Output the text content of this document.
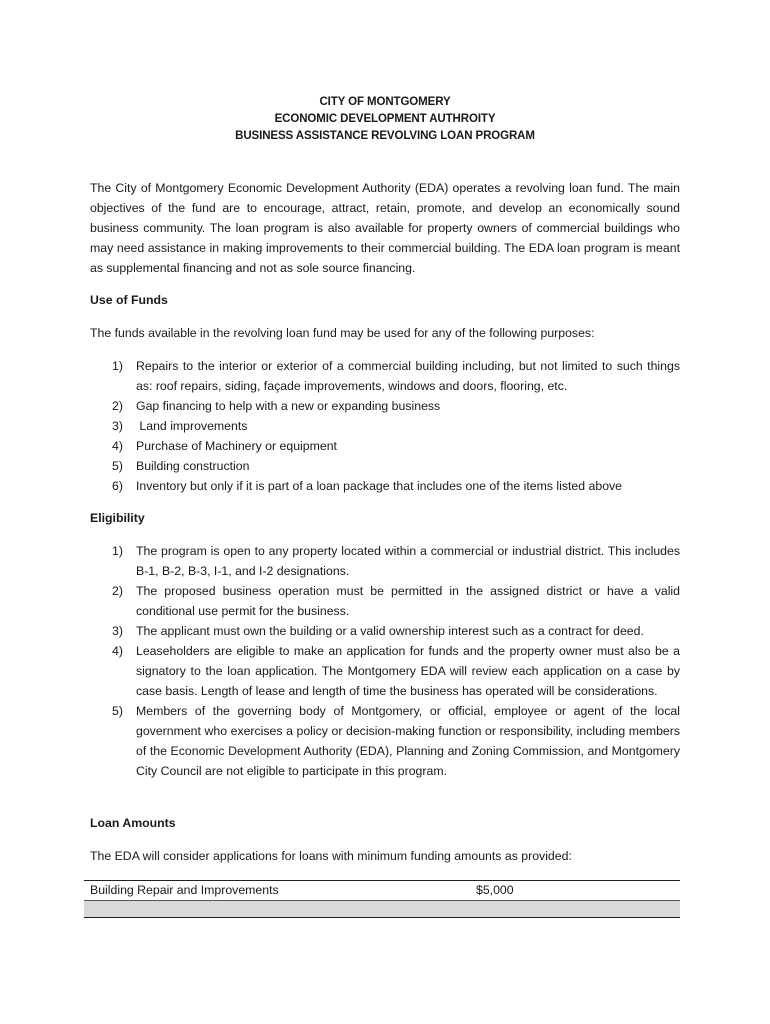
CITY OF MONTGOMERY
ECONOMIC DEVELOPMENT AUTHROITY
BUSINESS ASSISTANCE REVOLVING LOAN PROGRAM

The City of Montgomery Economic Development Authority (EDA) operates a revolving loan fund. The main objectives of the fund are to encourage, attract, retain, promote, and develop an economically sound business community. The loan program is also available for property owners of commercial buildings who may need assistance in making improvements to their commercial building. The EDA loan program is meant as supplemental financing and not as sole source financing.

Use of Funds

The funds available in the revolving loan fund may be used for any of the following purposes:

1) Repairs to the interior or exterior of a commercial building including, but not limited to such things as: roof repairs, siding, façade improvements, windows and doors, flooring, etc.
2) Gap financing to help with a new or expanding business
3) Land improvements
4) Purchase of Machinery or equipment
5) Building construction
6) Inventory but only if it is part of a loan package that includes one of the items listed above

Eligibility

1) The program is open to any property located within a commercial or industrial district. This includes B-1, B-2, B-3, I-1, and I-2 designations.
2) The proposed business operation must be permitted in the assigned district or have a valid conditional use permit for the business.
3) The applicant must own the building or a valid ownership interest such as a contract for deed.
4) Leaseholders are eligible to make an application for funds and the property owner must also be a signatory to the loan application. The Montgomery EDA will review each application on a case by case basis. Length of lease and length of time the business has operated will be considerations.
5) Members of the governing body of Montgomery, or official, employee or agent of the local government who exercises a policy or decision-making function or responsibility, including members of the Economic Development Authority (EDA), Planning and Zoning Commission, and Montgomery City Council are not eligible to participate in this program.

Loan Amounts

The EDA will consider applications for loans with minimum funding amounts as provided:

Building Repair and Improvements	$5,000
